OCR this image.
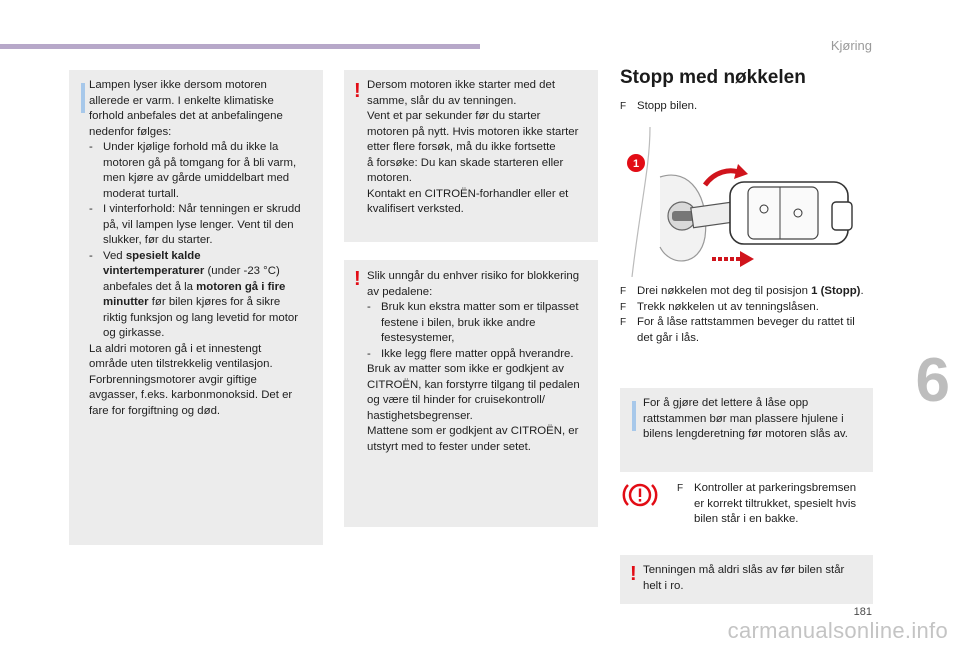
Kjøring
6
181
carmanualsonline.info

Lampen lyser ikke dersom motoren

allerede er varm. I enkelte klimatiske

forhold anbefales det at anbefalingene

nedenfor følges:

- Under kjølige forhold må du ikke la

motoren gå på tomgang for å bli varm,

men kjøre av gårde umiddelbart med

moderat turtall.

- I vinterforhold: Når tenningen er skrudd

på, vil lampen lyse lenger. Vent til den

slukker, før du starter.

- Ved spesielt kalde

vintertemperaturer (under -23 °C)

anbefales det å la motoren gå i fire

minutter før bilen kjøres for å sikre

riktig funksjon og lang levetid for motor

og girkasse.

La aldri motoren gå i et innestengt

område uten tilstrekkelig ventilasjon.

Forbrenningsmotorer avgir giftige

avgasser, f.eks. karbonmonoksid. Det er

fare for forgiftning og død.

! Dersom motoren ikke starter med det

samme, slår du av tenningen.

Vent et par sekunder før du starter

motoren på nytt. Hvis motoren ikke starter

etter flere forsøk, må du ikke fortsette

å forsøke: Du kan skade starteren eller

motoren.

Kontakt en CITROËN-forhandler eller et

kvalifisert verksted.

! Slik unngår du enhver risiko for blokkering

av pedalene:

- Bruk kun ekstra matter som er tilpasset

festene i bilen, bruk ikke andre

festesystemer,

- Ikke legg flere matter oppå hverandre.

Bruk av matter som ikke er godkjent av

CITROËN, kan forstyrre tilgang til pedalen

og være til hinder for cruisekontroll/

hastighetsbegrenser.

Mattene som er godkjent av CITROËN, er

utstyrt med to fester under setet.

Stopp med nøkkelen
F Stopp bilen.
1
F Drei nøkkelen mot deg til posisjon 1 (Stopp).
F Trekk nøkkelen ut av tenningslåsen.
F For å låse rattstammen beveger du rattet til

det går i lås.

For å gjøre det lettere å låse opp

rattstammen bør man plassere hjulene i

bilens lengderetning før motoren slås av.

F Kontroller at parkeringsbremsen

er korrekt tiltrukket, spesielt hvis

bilen står i en bakke.

! Tenningen må aldri slås av før bilen står

helt i ro.
